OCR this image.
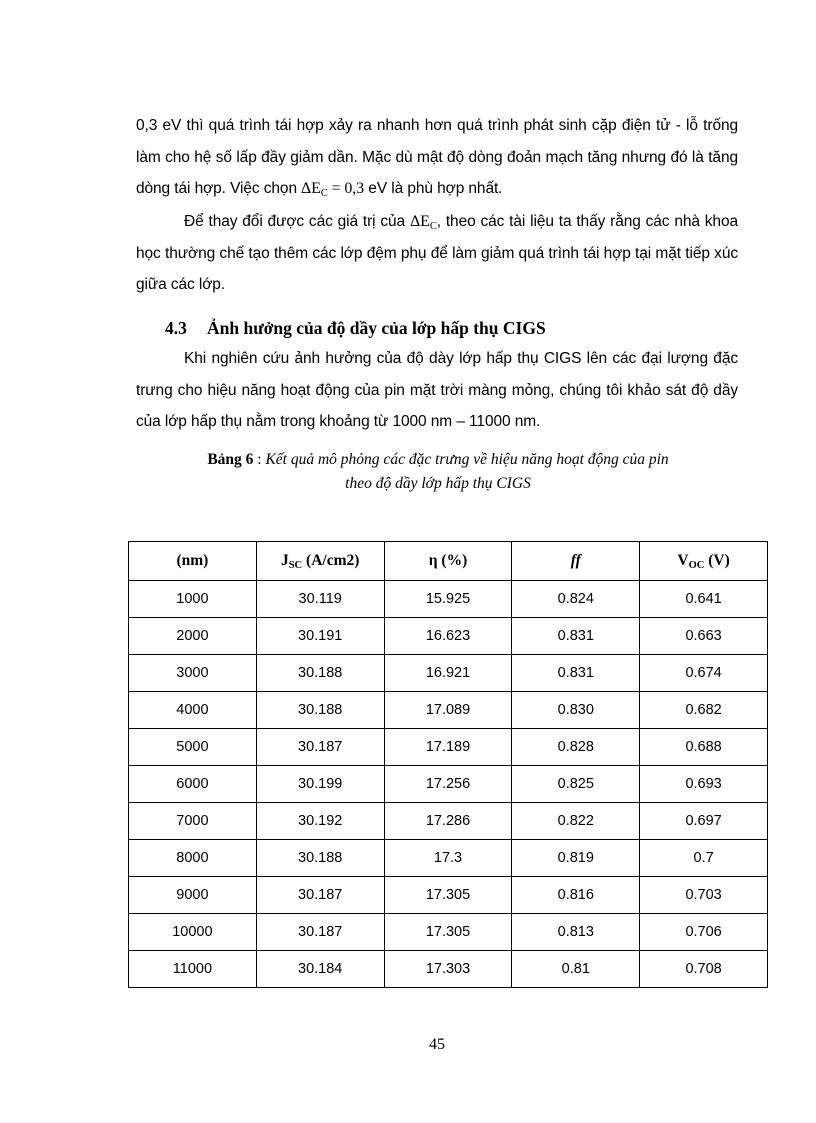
0,3 eV thì quá trình tái hợp xảy ra nhanh hơn quá trình phát sinh cặp điện tử - lỗ trống làm cho hệ số lấp đầy giảm dần. Mặc dù mật độ dòng đoản mạch tăng nhưng đó là tăng dòng tái hợp. Việc chọn $\Delta E_C = 0,3$ eV là phù hợp nhất.

Để thay đổi được các giá trị của $\Delta E_C$, theo các tài liệu ta thấy rằng các nhà khoa học thường chế tạo thêm các lớp đệm phụ để làm giảm quá trình tái hợp tại mặt tiếp xúc giữa các lớp.

4.3 Ảnh hưởng của độ dầy của lớp hấp thụ CIGS

Khi nghiên cứu ảnh hưởng của độ dày lớp hấp thụ CIGS lên các đại lượng đặc trưng cho hiệu năng hoạt động của pin mặt trời màng mỏng, chúng tôi khảo sát độ dầy của lớp hấp thụ nằm trong khoảng từ 1000 nm – 11000 nm.

Bảng 6 : Kết quả mô phỏng các đặc trưng về hiệu năng hoạt động của pin
theo độ dầy lớp hấp thụ CIGS
(nm)	$J_{SC}$ (A/cm2)	η (%)	ff	$V_{OC}$ (V)
1000	30.119	15.925	0.824	0.641
2000	30.191	16.623	0.831	0.663
3000	30.188	16.921	0.831	0.674
4000	30.188	17.089	0.830	0.682
5000	30.187	17.189	0.828	0.688
6000	30.199	17.256	0.825	0.693
7000	30.192	17.286	0.822	0.697
8000	30.188	17.3	0.819	0.7
9000	30.187	17.305	0.816	0.703
10000	30.187	17.305	0.813	0.706
11000	30.184	17.303	0.81	0.708
45
